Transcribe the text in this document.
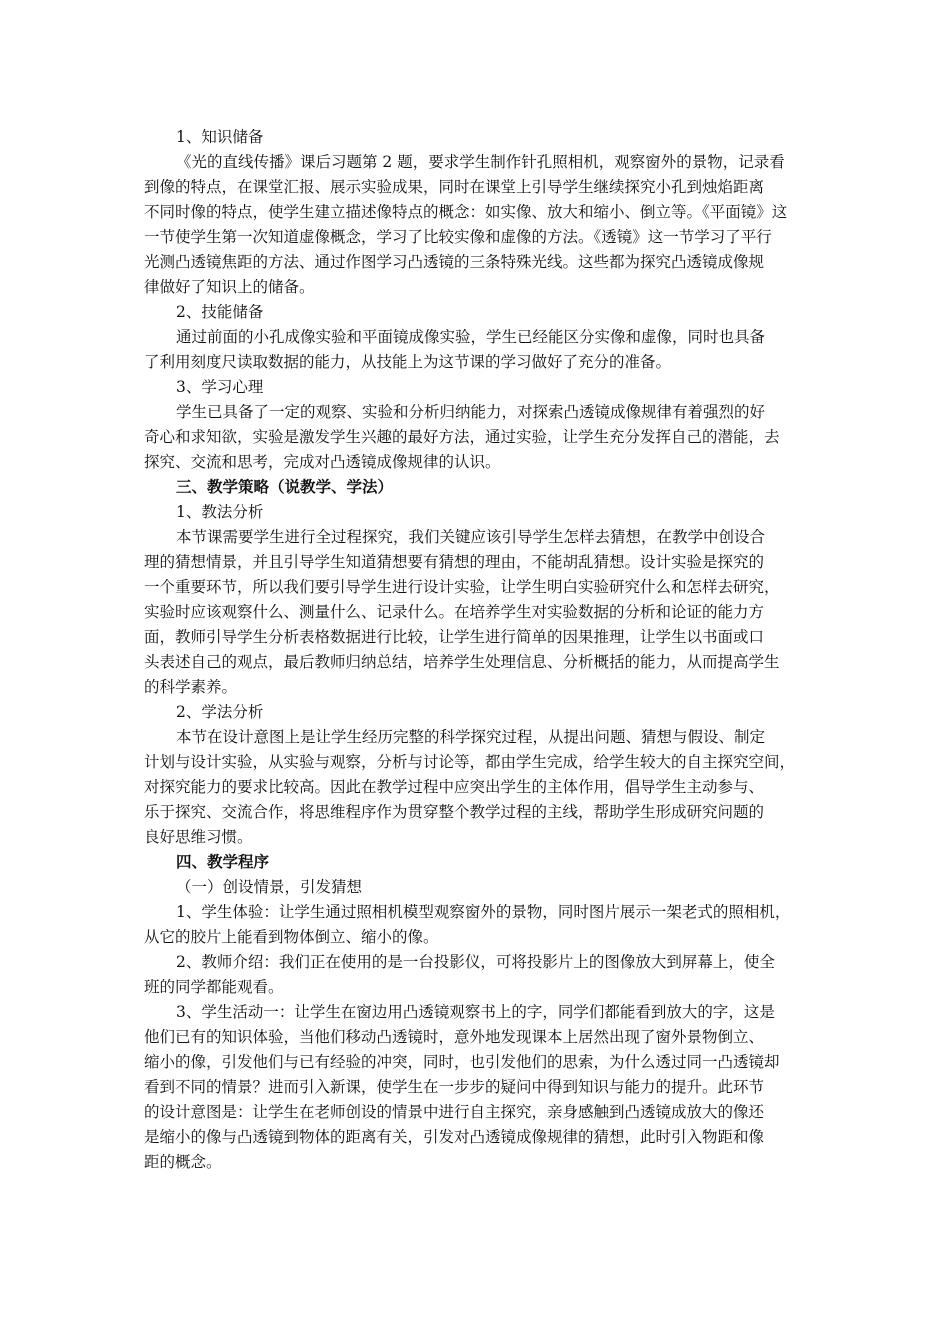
1、知识储备
《光的直线传播》课后习题第 2 题，要求学生制作针孔照相机，观察窗外的景物，记录看
到像的特点，在课堂汇报、展示实验成果，同时在课堂上引导学生继续探究小孔到烛焰距离
不同时像的特点，使学生建立描述像特点的概念：如实像、放大和缩小、倒立等。《平面镜》这
一节使学生第一次知道虚像概念，学习了比较实像和虚像的方法。《透镜》这一节学习了平行
光测凸透镜焦距的方法、通过作图学习凸透镜的三条特殊光线。这些都为探究凸透镜成像规
律做好了知识上的储备。
2、技能储备
通过前面的小孔成像实验和平面镜成像实验，学生已经能区分实像和虚像，同时也具备
了利用刻度尺读取数据的能力，从技能上为这节课的学习做好了充分的准备。
3、学习心理
学生已具备了一定的观察、实验和分析归纳能力，对探索凸透镜成像规律有着强烈的好
奇心和求知欲，实验是激发学生兴趣的最好方法，通过实验，让学生充分发挥自己的潜能，去
探究、交流和思考，完成对凸透镜成像规律的认识。
三、教学策略（说教学、学法）
1、教法分析
本节课需要学生进行全过程探究，我们关键应该引导学生怎样去猜想，在教学中创设合
理的猜想情景，并且引导学生知道猜想要有猜想的理由，不能胡乱猜想。设计实验是探究的
一个重要环节，所以我们要引导学生进行设计实验，让学生明白实验研究什么和怎样去研究，
实验时应该观察什么、测量什么、记录什么。在培养学生对实验数据的分析和论证的能力方
面，教师引导学生分析表格数据进行比较，让学生进行简单的因果推理，让学生以书面或口
头表述自己的观点，最后教师归纳总结，培养学生处理信息、分析概括的能力，从而提高学生
的科学素养。
2、学法分析
本节在设计意图上是让学生经历完整的科学探究过程，从提出问题、猜想与假设、制定
计划与设计实验，从实验与观察，分析与讨论等，都由学生完成，给学生较大的自主探究空间，
对探究能力的要求比较高。因此在教学过程中应突出学生的主体作用，倡导学生主动参与、
乐于探究、交流合作，将思维程序作为贯穿整个教学过程的主线，帮助学生形成研究问题的
良好思维习惯。
四、教学程序
（一）创设情景，引发猜想
1、学生体验：让学生通过照相机模型观察窗外的景物，同时图片展示一架老式的照相机，
从它的胶片上能看到物体倒立、缩小的像。
2、教师介绍：我们正在使用的是一台投影仪，可将投影片上的图像放大到屏幕上，使全
班的同学都能观看。
3、学生活动一：让学生在窗边用凸透镜观察书上的字，同学们都能看到放大的字，这是
他们已有的知识体验，当他们移动凸透镜时，意外地发现课本上居然出现了窗外景物倒立、
缩小的像，引发他们与已有经验的冲突，同时，也引发他们的思索，为什么透过同一凸透镜却
看到不同的情景？进而引入新课，使学生在一步步的疑问中得到知识与能力的提升。此环节
的设计意图是：让学生在老师创设的情景中进行自主探究，亲身感触到凸透镜成放大的像还
是缩小的像与凸透镜到物体的距离有关，引发对凸透镜成像规律的猜想，此时引入物距和像
距的概念。
